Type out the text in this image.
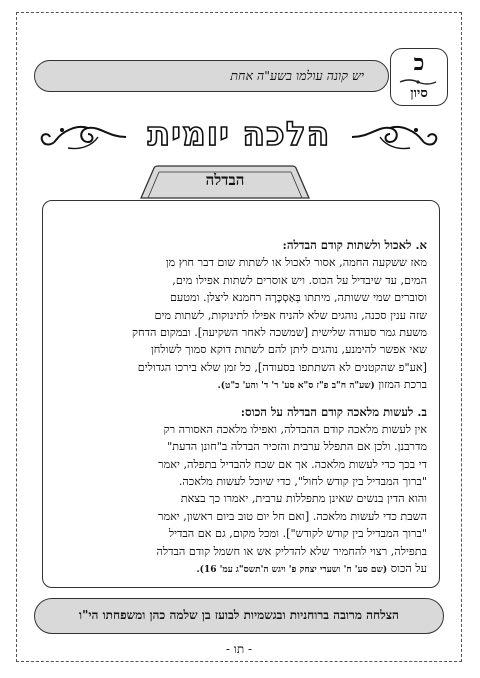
יש קונה עולמו בשע"ה אחת	כ
סיון
הלכה יומית
א. לאכול ולשתות קודם הבדלה:
מאז ששקעה החמה, אסור לאכול או לשתות שום דבר חוץ מן
המים, עד שיבדיל על הכוס. ויש אוסרים לשתות אפילו מים,
וסוברים שמי ששותה, מיתתו בְּאַסְכָּרָה רחמנא ליצלן. ומטעם
שזה ענין סכנה, נוהגים שלא להניח אפילו לתינוקות, לשתות מים
משעת גמר סעודה שלישית [שמשכה לאחר השקיעה]. ובמקום הדחק
שאי אפשר להימנע, נוהגים ליתן להם לשתות דוקא סמוך לשולחן
[אע"פ שהקטנים לא השתתפו בסעודה], כל זמן שלא בירכו הגדולים
ברכת המזון (שע"ה ח"ב פ"ז ס"א סע' ר' ד' והע' כ"ט).
ב. לעשות מלאכה קודם הבדלה על הכוס:
אין לעשות מלאכה קודם ההבדלה, ואפילו מלאכה האסורה רק
מדרבנן. ולכן אם התפלל ערבית והזכיר הבדלה ב"חונן הדעת"
די בכך כדי לעשות מלאכה. אך אם שכח להבדיל בתפלה, יאמר
"ברוך המבדיל בין קודש לחול", כדי שיוכל לעשות מלאכה.
והוא הדין בנשים שאינן מתפללות ערבית, יאמרו כך בצאת
השבת כדי לעשות מלאכה. [ואם חל יום טוב ביום ראשון, יאמר
"ברוך המבדיל בין קודש לקודש"]. ומכל מקום, גם אם הבדיל
בתפילה, רצוי להחמיר שלא להדליק אש או חשמל קודם הבדלה
על הכוס (שם סע' ח' ושערי יצחק פ' ויגש ה'תשס"ג עמ' 16).
הבדלה
הצלחה מרובה ברוחניות ובגשמיות לבועז בן שלמה כהן ומשפחתו הי"ו
- תו -
